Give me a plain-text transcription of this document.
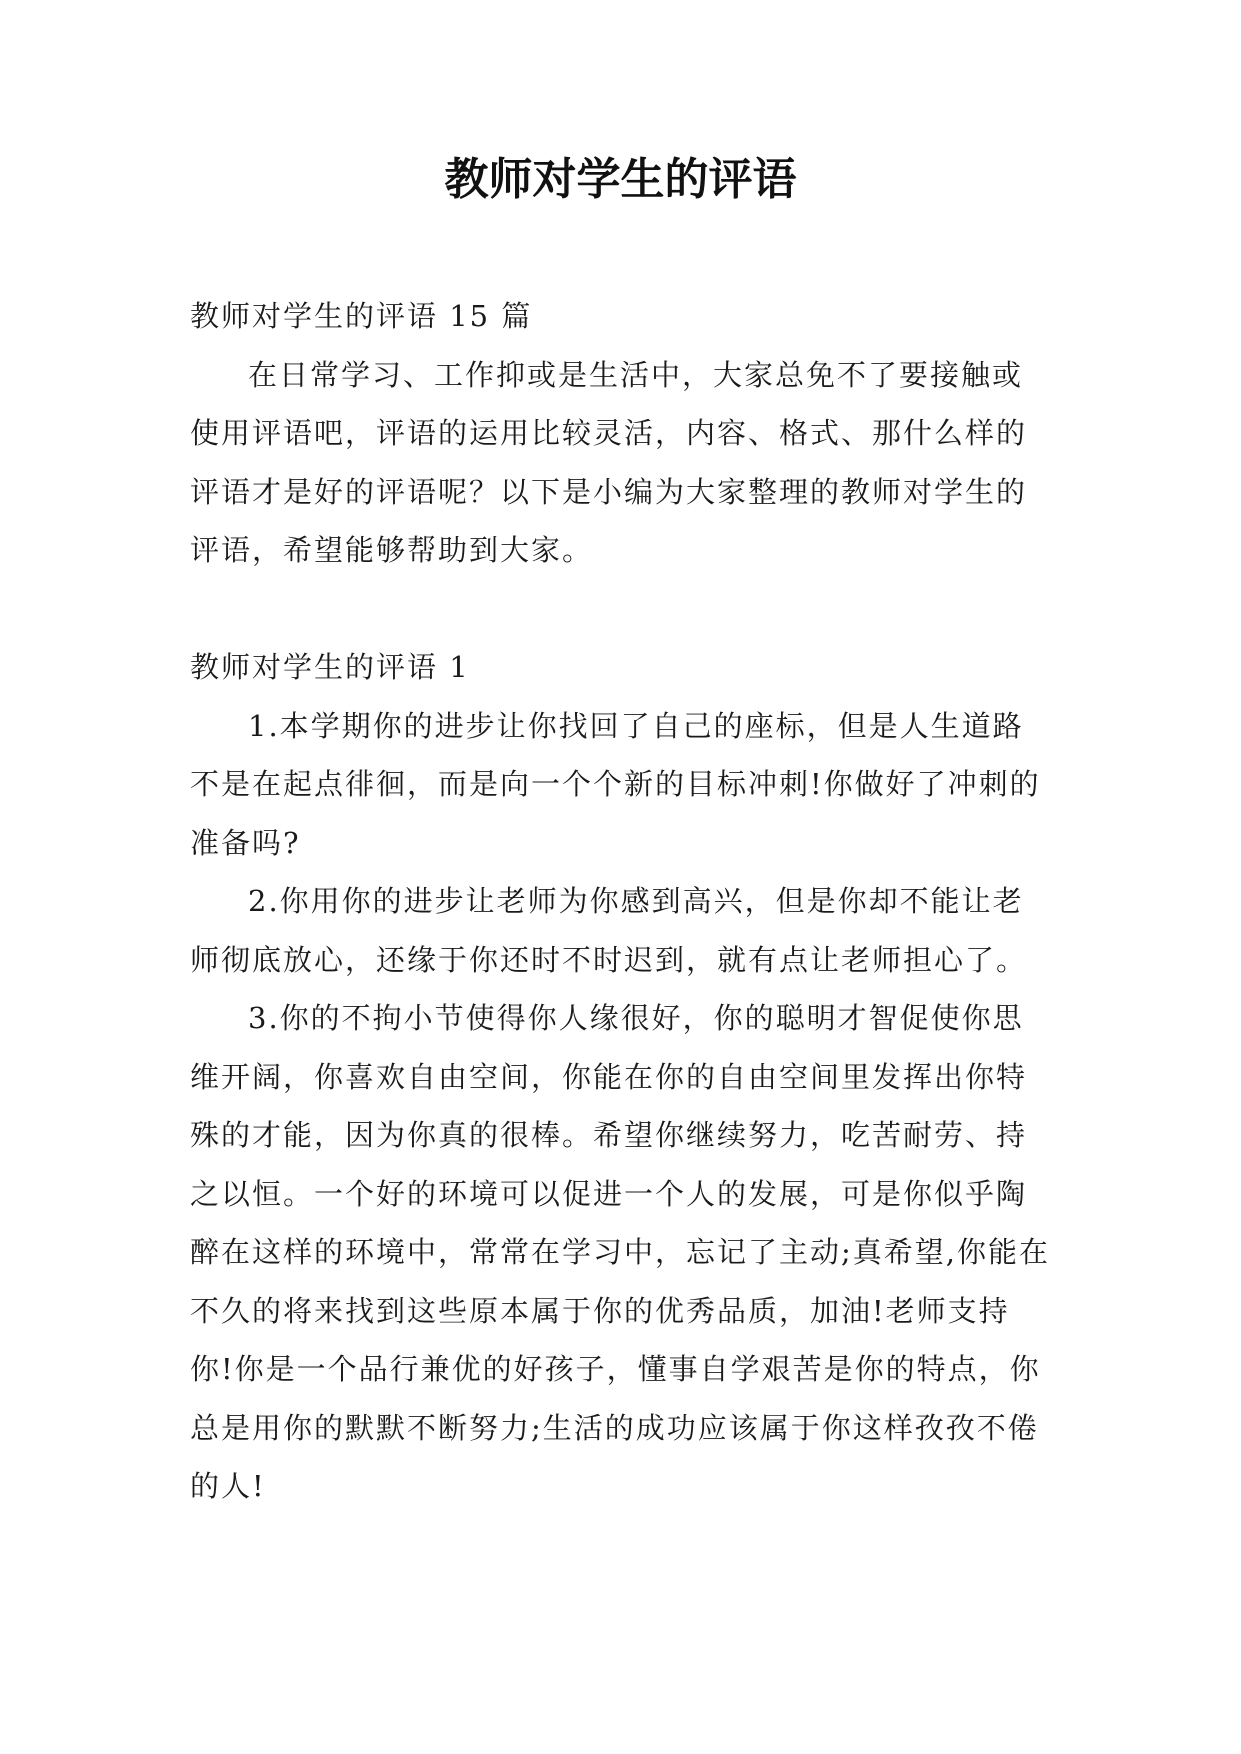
教师对学生的评语

教师对学生的评语 15 篇

在日常学习、工作抑或是生活中，大家总免不了要接触或使用评语吧，评语的运用比较灵活，内容、格式、那什么样的评语才是好的评语呢？以下是小编为大家整理的教师对学生的评语，希望能够帮助到大家。

教师对学生的评语 1

1.本学期你的进步让你找回了自己的座标，但是人生道路不是在起点徘徊，而是向一个个新的目标冲刺!你做好了冲刺的准备吗?

2.你用你的进步让老师为你感到高兴，但是你却不能让老师彻底放心，还缘于你还时不时迟到，就有点让老师担心了。

3.你的不拘小节使得你人缘很好，你的聪明才智促使你思维开阔，你喜欢自由空间，你能在你的自由空间里发挥出你特殊的才能，因为你真的很棒。希望你继续努力，吃苦耐劳、持之以恒。一个好的环境可以促进一个人的发展，可是你似乎陶醉在这样的环境中，常常在学习中，忘记了主动;真希望,你能在不久的将来找到这些原本属于你的优秀品质，加油!老师支持你!你是一个品行兼优的好孩子，懂事自学艰苦是你的特点，你总是用你的默默不断努力;生活的成功应该属于你这样孜孜不倦的人!
